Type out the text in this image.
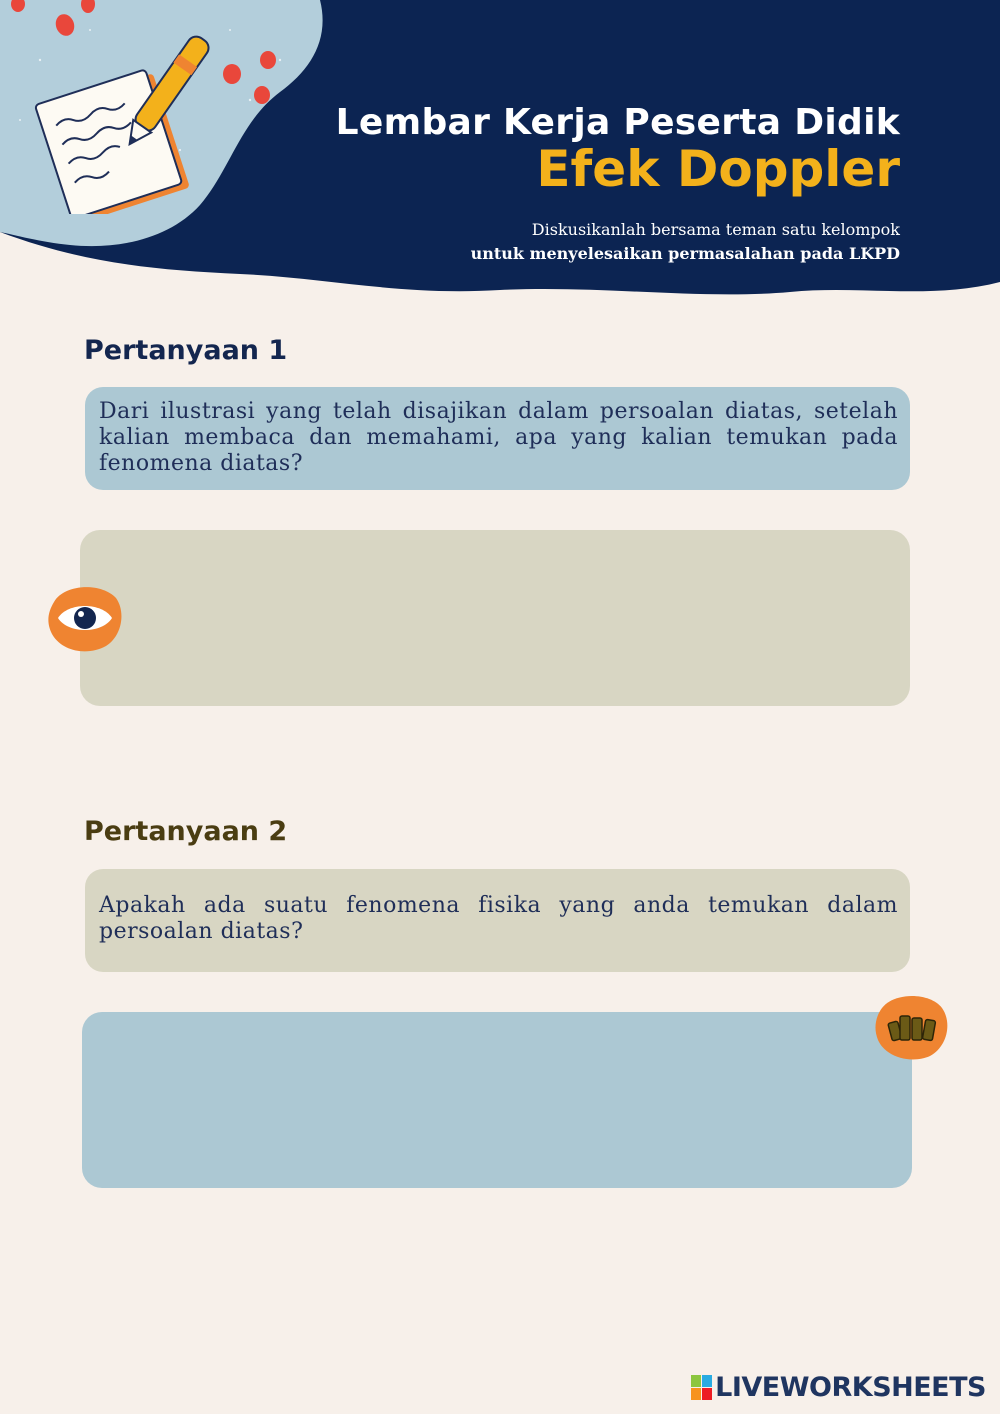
Lembar Kerja Peserta Didik
Efek Doppler
Diskusikanlah bersama teman satu kelompok
untuk menyelesaikan permasalahan pada LKPD
Pertanyaan 1
Dari ilustrasi yang telah disajikan dalam persoalan diatas, setelah kalian membaca dan memahami, apa yang kalian temukan pada fenomena diatas?
Pertanyaan 2
Apakah ada suatu fenomena fisika yang anda temukan dalam persoalan diatas?
LIVEWORKSHEETS
